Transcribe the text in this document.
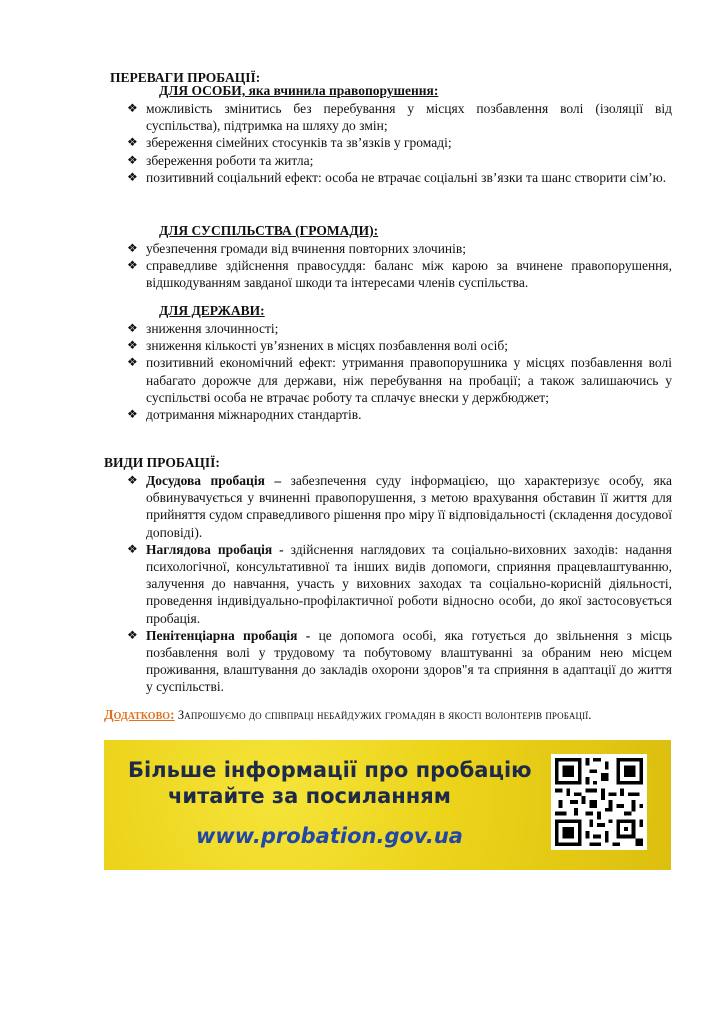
ПЕРЕВАГИ ПРОБАЦІЇ:
ДЛЯ ОСОБИ, яка вчинила правопорушення:
❖ можливість змінитись без перебування у місцях позбавлення волі (ізоляції від суспільства), підтримка на шляху до змін;
❖ збереження сімейних стосунків та зв’язків у громаді;
❖ збереження роботи та житла;
❖ позитивний соціальний ефект: особа не втрачає соціальні зв’язки та шанс створити сім’ю.
ДЛЯ СУСПІЛЬСТВА (ГРОМАДИ):
❖ убезпечення громади від вчинення повторних злочинів;
❖ справедливе здійснення правосуддя: баланс між карою за вчинене правопорушення, відшкодуванням завданої шкоди та інтересами членів суспільства.
ДЛЯ ДЕРЖАВИ:
❖ зниження злочинності;
❖ зниження кількості ув’язнених в місцях позбавлення волі осіб;
❖ позитивний економічний ефект: утримання правопорушника у місцях позбавлення волі набагато дорожче для держави, ніж перебування на пробації; а також залишаючись у суспільстві особа не втрачає роботу та сплачує внески у держбюджет;
❖ дотримання міжнародних стандартів.
ВИДИ ПРОБАЦІЇ:
❖ Досудова пробація – забезпечення суду інформацією, що характеризує особу, яка обвинувачується у вчиненні правопорушення, з метою врахування обставин її життя для прийняття судом справедливого рішення про міру її відповідальності (складення досудової доповіді).
❖ Наглядова пробація - здійснення наглядових та соціально-виховних заходів: надання психологічної, консультативної та інших видів допомоги, сприяння працевлаштуванню, залучення до навчання, участь у виховних заходах та соціально-корисній діяльності, проведення індивідуально-профілактичної роботи відносно особи, до якої застосовується пробація.
❖ Пенітенціарна пробація - це допомога особі, яка готується до звільнення з місць позбавлення волі у трудовому та побутовому влаштуванні за обраним нею місцем проживання, влаштування до закладів охорони здоров"я та сприяння в адаптації до життя у суспільстві.
Додатково: Запрошуємо до співпраці небайдужих громадян в якості волонтерів пробації.
Більше інформації про пробацію
читайте за посиланням
www.probation.gov.ua
